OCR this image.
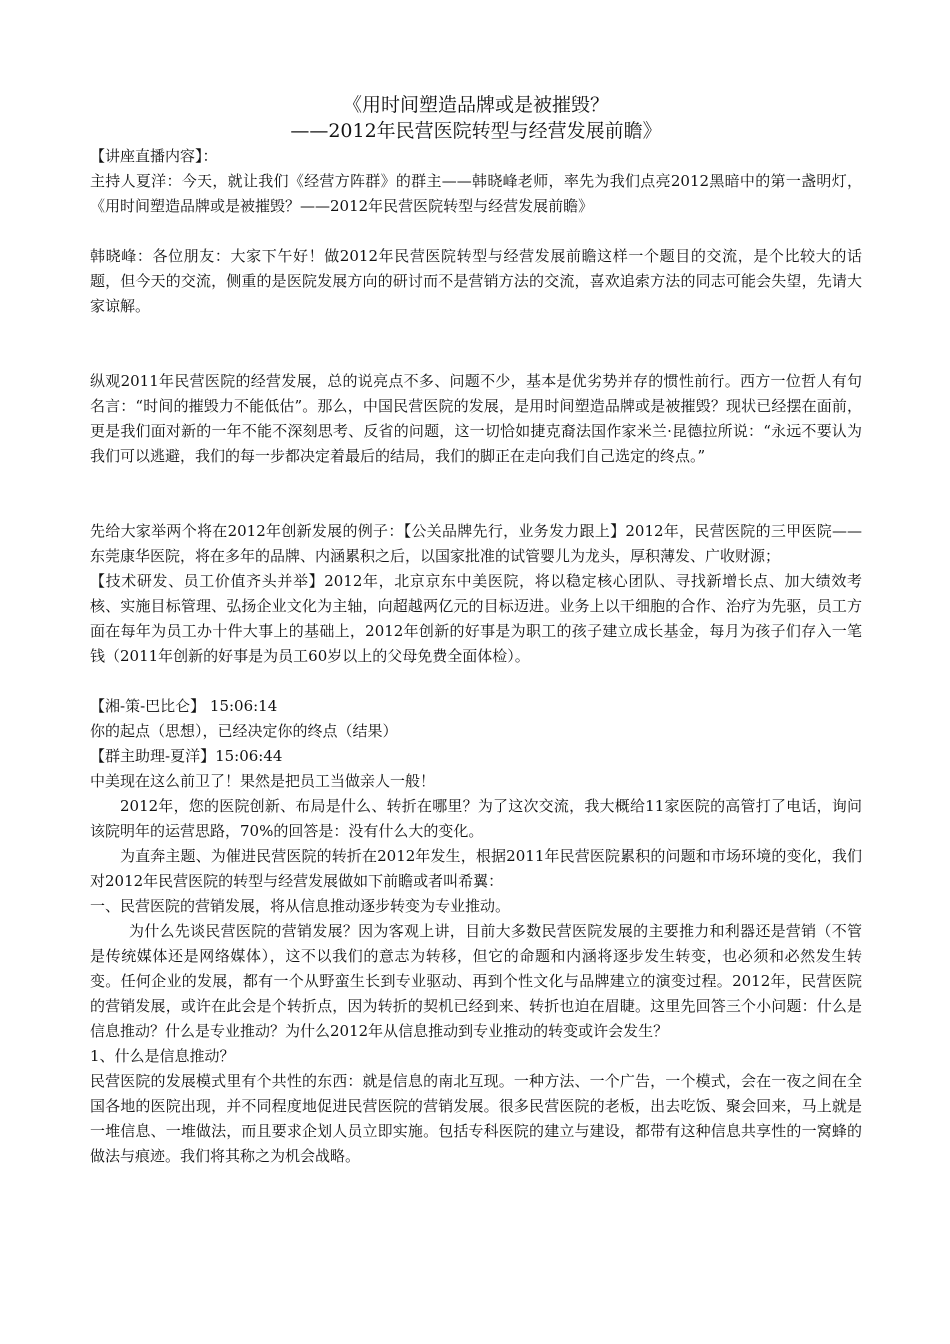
《用时间塑造品牌或是被摧毁？
——2012年民营医院转型与经营发展前瞻》

【讲座直播内容】：

主持人夏洋：今天，就让我们《经营方阵群》的群主——韩晓峰老师，率先为我们点亮2012黑暗中的第一盏明灯，《用时间塑造品牌或是被摧毁？——2012年民营医院转型与经营发展前瞻》

韩晓峰：各位朋友：大家下午好！做2012年民营医院转型与经营发展前瞻这样一个题目的交流，是个比较大的话题，但今天的交流，侧重的是医院发展方向的研讨而不是营销方法的交流，喜欢追索方法的同志可能会失望，先请大家谅解。

纵观2011年民营医院的经营发展，总的说亮点不多、问题不少，基本是优劣势并存的惯性前行。西方一位哲人有句名言：“时间的摧毁力不能低估”。那么，中国民营医院的发展，是用时间塑造品牌或是被摧毁？现状已经摆在面前，更是我们面对新的一年不能不深刻思考、反省的问题，这一切恰如捷克裔法国作家米兰·昆德拉所说：“永远不要认为我们可以逃避，我们的每一步都决定着最后的结局，我们的脚正在走向我们自己选定的终点。”

先给大家举两个将在2012年创新发展的例子：【公关品牌先行，业务发力跟上】2012年，民营医院的三甲医院——东莞康华医院，将在多年的品牌、内涵累积之后，以国家批准的试管婴儿为龙头，厚积薄发、广收财源；

【技术研发、员工价值齐头并举】2012年，北京京东中美医院，将以稳定核心团队、寻找新增长点、加大绩效考核、实施目标管理、弘扬企业文化为主轴，向超越两亿元的目标迈进。业务上以干细胞的合作、治疗为先驱，员工方面在每年为员工办十件大事上的基础上，2012年创新的好事是为职工的孩子建立成长基金，每月为孩子们存入一笔钱（2011年创新的好事是为员工60岁以上的父母免费全面体检）。

【湘-策-巴比仑】 15:06:14

你的起点（思想），已经决定你的终点（结果）

【群主助理-夏洋】15:06:44

中美现在这么前卫了！果然是把员工当做亲人一般！

2012年，您的医院创新、布局是什么、转折在哪里？为了这次交流，我大概给11家医院的高管打了电话，询问该院明年的运营思路，70%的回答是：没有什么大的变化。

为直奔主题、为催进民营医院的转折在2012年发生，根据2011年民营医院累积的问题和市场环境的变化，我们对2012年民营医院的转型与经营发展做如下前瞻或者叫希翼：

一、民营医院的营销发展，将从信息推动逐步转变为专业推动。

为什么先谈民营医院的营销发展？因为客观上讲，目前大多数民营医院发展的主要推力和利器还是营销（不管是传统媒体还是网络媒体），这不以我们的意志为转移，但它的命题和内涵将逐步发生转变，也必须和必然发生转变。任何企业的发展，都有一个从野蛮生长到专业驱动、再到个性文化与品牌建立的演变过程。2012年，民营医院的营销发展，或许在此会是个转折点，因为转折的契机已经到来、转折也迫在眉睫。这里先回答三个小问题：什么是信息推动？什么是专业推动？为什么2012年从信息推动到专业推动的转变或许会发生？

1、什么是信息推动？

民营医院的发展模式里有个共性的东西：就是信息的南北互现。一种方法、一个广告，一个模式，会在一夜之间在全国各地的医院出现，并不同程度地促进民营医院的营销发展。很多民营医院的老板，出去吃饭、聚会回来，马上就是一堆信息、一堆做法，而且要求企划人员立即实施。包括专科医院的建立与建设，都带有这种信息共享性的一窝蜂的做法与痕迹。我们将其称之为机会战略。
